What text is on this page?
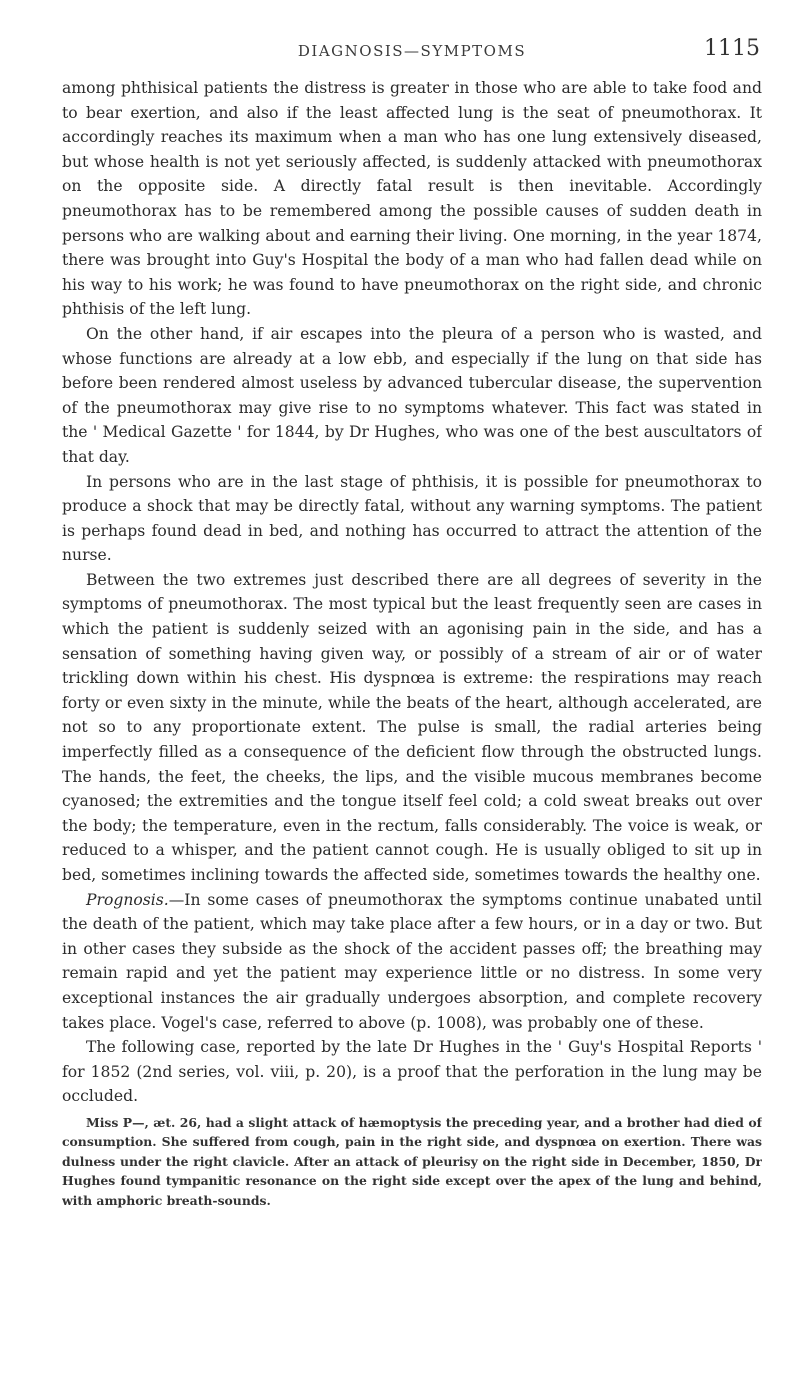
DIAGNOSIS—SYMPTOMS	1115

among phthisical patients the distress is greater in those who are able to take food and to bear exertion, and also if the least affected lung is the seat of pneumothorax. It accordingly reaches its maximum when a man who has one lung extensively diseased, but whose health is not yet seriously affected, is suddenly attacked with pneumothorax on the opposite side. A directly fatal result is then inevitable. Accordingly pneumothorax has to be remembered among the possible causes of sudden death in persons who are walking about and earning their living. One morning, in the year 1874, there was brought into Guy's Hospital the body of a man who had fallen dead while on his way to his work; he was found to have pneumothorax on the right side, and chronic phthisis of the left lung.

On the other hand, if air escapes into the pleura of a person who is wasted, and whose functions are already at a low ebb, and especially if the lung on that side has before been rendered almost useless by advanced tubercular disease, the supervention of the pneumothorax may give rise to no symptoms whatever. This fact was stated in the ' Medical Gazette ' for 1844, by Dr Hughes, who was one of the best auscultators of that day.

In persons who are in the last stage of phthisis, it is possible for pneumothorax to produce a shock that may be directly fatal, without any warning symptoms. The patient is perhaps found dead in bed, and nothing has occurred to attract the attention of the nurse.

Between the two extremes just described there are all degrees of severity in the symptoms of pneumothorax. The most typical but the least frequently seen are cases in which the patient is suddenly seized with an agonising pain in the side, and has a sensation of something having given way, or possibly of a stream of air or of water trickling down within his chest. His dyspnœa is extreme: the respirations may reach forty or even sixty in the minute, while the beats of the heart, although accelerated, are not so to any proportionate extent. The pulse is small, the radial arteries being imperfectly filled as a consequence of the deficient flow through the obstructed lungs. The hands, the feet, the cheeks, the lips, and the visible mucous membranes become cyanosed; the extremities and the tongue itself feel cold; a cold sweat breaks out over the body; the temperature, even in the rectum, falls considerably. The voice is weak, or reduced to a whisper, and the patient cannot cough. He is usually obliged to sit up in bed, sometimes inclining towards the affected side, sometimes towards the healthy one.

Prognosis.—In some cases of pneumothorax the symptoms continue unabated until the death of the patient, which may take place after a few hours, or in a day or two. But in other cases they subside as the shock of the accident passes off; the breathing may remain rapid and yet the patient may experience little or no distress. In some very exceptional instances the air gradually undergoes absorption, and complete recovery takes place. Vogel's case, referred to above (p. 1008), was probably one of these.

The following case, reported by the late Dr Hughes in the ' Guy's Hospital Reports ' for 1852 (2nd series, vol. viii, p. 20), is a proof that the perforation in the lung may be occluded.

Miss P—, æt. 26, had a slight attack of hæmoptysis the preceding year, and a brother had died of consumption. She suffered from cough, pain in the right side, and dyspnœa on exertion. There was dulness under the right clavicle. After an attack of pleurisy on the right side in December, 1850, Dr Hughes found tympanitic resonance on the right side except over the apex of the lung and behind, with amphoric breath-sounds.
